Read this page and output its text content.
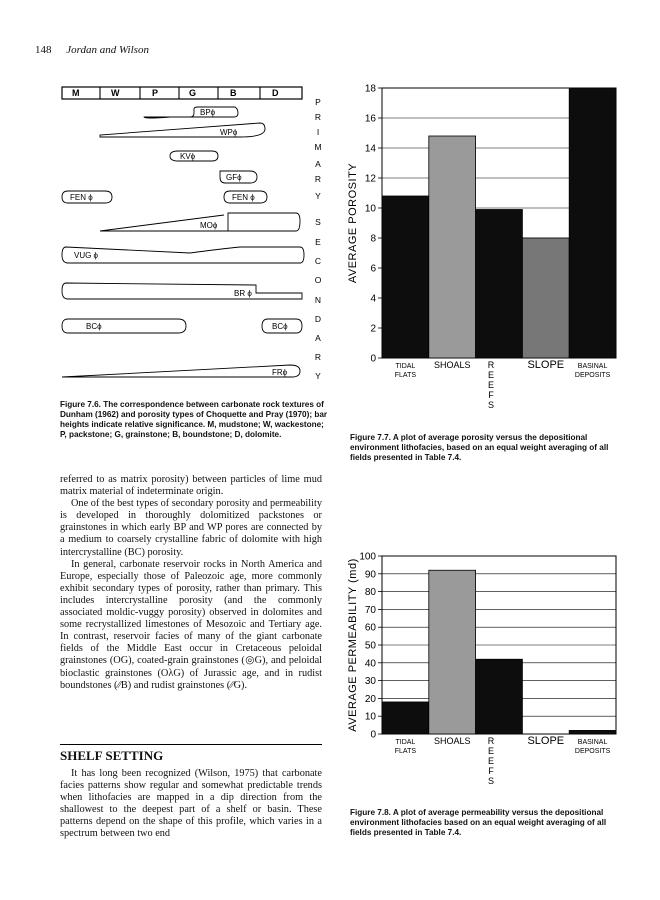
148 Jordan and Wilson
M	W	P	G	B	D
BPϕ
WPϕ
KVϕ
GFϕ
FEN ϕ	FEN ϕ
MOϕ
VUG ϕ
BR ϕ
BCϕ	BCϕ
FRϕ
P
R
I
M
A
R
Y
S
E
C
O
N
D
A
R
Y
Figure 7.6. The correspondence between carbonate rock textures of Dunham (1962) and porosity types of Choquette and Pray (1970); bar heights indicate relative significance. M, mudstone; W, wackestone; P, packstone; G, grainstone; B, boundstone; D, dolomite.
0
2
4
6
8
10
12
14
16
18
AVERAGE POROSITY
TIDAL
FLATS
SHOALS R
E
E
F
S
SLOPE BASINAL
DEPOSITS
Figure 7.7. A plot of average porosity versus the depositional environment lithofacies, based on an equal weight averaging of all fields presented in Table 7.4.
0
10
20
30
40
50
60
70
80
90
100
AVERAGE PERMEABILITY (md)
TIDAL
FLATS
SHOALS R
E
E
F
S
SLOPE BASINAL
DEPOSITS
Figure 7.8. A plot of average permeability versus the depositional environment lithofacies based on an equal weight averaging of all fields presented in Table 7.4.

referred to as matrix porosity) between particles of lime mud matrix material of indeterminate origin.

One of the best types of secondary porosity and permeability is developed in thoroughly dolomitized packstones or grainstones in which early BP and WP pores are connected by a medium to coarsely crystalline fabric of dolomite with high intercrystalline (BC) porosity.

In general, carbonate reservoir rocks in North America and Europe, especially those of Paleozoic age, more commonly exhibit secondary types of porosity, rather than primary. This includes intercrystalline porosity (and the commonly associated moldic-vuggy porosity) observed in dolomites and some recrystallized limestones of Mesozoic and Tertiary age. In contrast, reservoir facies of many of the giant carbonate fields of the Middle East occur in Cretaceous peloidal grainstones (OG), coated-grain grainstones (◎G), and peloidal bioclastic grainstones (OλG) of Jurassic age, and in rudist boundstones (⁄⁄B) and rudist grainstones (⁄⁄G).

SHELF SETTING

It has long been recognized (Wilson, 1975) that carbonate facies patterns show regular and somewhat predictable trends when lithofacies are mapped in a dip direction from the shallowest to the deepest part of a shelf or basin. These patterns depend on the shape of this profile, which varies in a spectrum between two end
